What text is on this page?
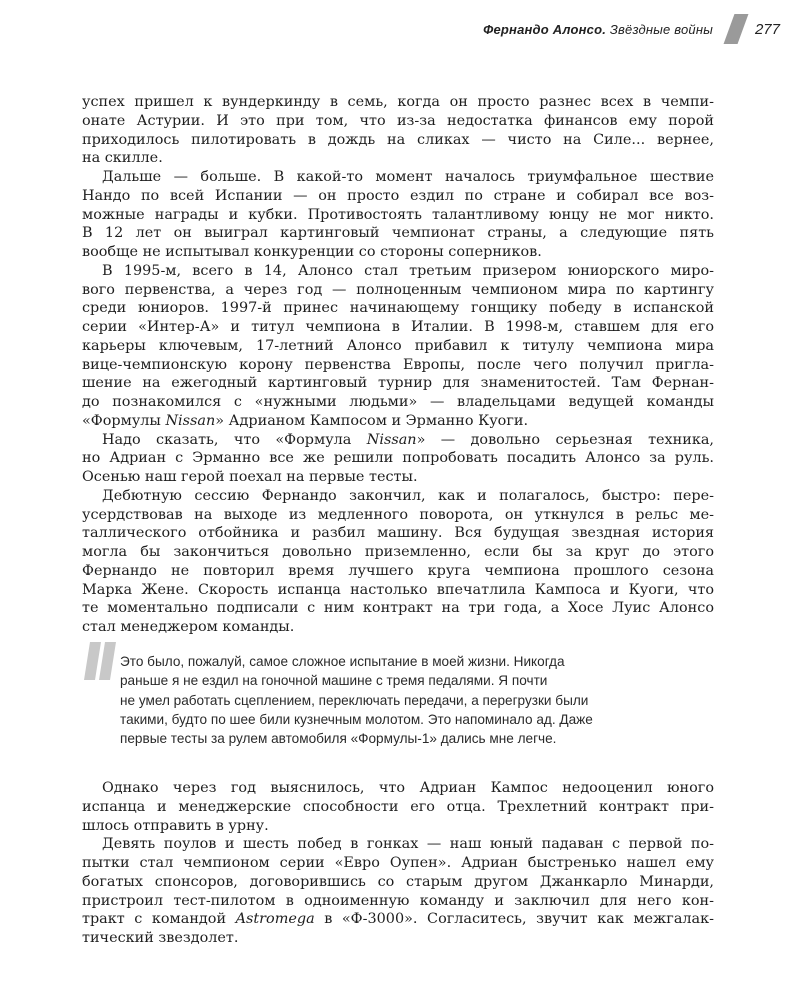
Фернандо Алонсо. Звёздные войны	277

успех пришел к вундеркинду в семь, когда он просто разнес всех в чемпи-
онате Астурии. И это при том, что из-за недостатка финансов ему порой
приходилось пилотировать в дождь на сликах — чисто на Силе... вернее,
на скилле.

Дальше — больше. В какой-то момент началось триумфальное шествие
Нандо по всей Испании — он просто ездил по стране и собирал все воз-
можные награды и кубки. Противостоять талантливому юнцу не мог никто.
В 12 лет он выиграл картинговый чемпионат страны, а следующие пять
вообще не испытывал конкуренции со стороны соперников.

В 1995-м, всего в 14, Алонсо стал третьим призером юниорского миро-
вого первенства, а через год — полноценным чемпионом мира по картингу
среди юниоров. 1997-й принес начинающему гонщику победу в испанской
серии «Интер-А» и титул чемпиона в Италии. В 1998-м, ставшем для его
карьеры ключевым, 17-летний Алонсо прибавил к титулу чемпиона мира
вице-чемпионскую корону первенства Европы, после чего получил пригла-
шение на ежегодный картинговый турнир для знаменитостей. Там Фернан-
до познакомился с «нужными людьми» — владельцами ведущей команды
«Формулы Nissan» Адрианом Кампосом и Эрманно Куоги.

Надо сказать, что «Формула Nissan» — довольно серьезная техника,
но Адриан с Эрманно все же решили попробовать посадить Алонсо за руль.
Осенью наш герой поехал на первые тесты.

Дебютную сессию Фернандо закончил, как и полагалось, быстро: пере-
усердствовав на выходе из медленного поворота, он уткнулся в рельс ме-
таллического отбойника и разбил машину. Вся будущая звездная история
могла бы закончиться довольно приземленно, если бы за круг до этого
Фернандо не повторил время лучшего круга чемпиона прошлого сезона
Марка Жене. Скорость испанца настолько впечатлила Кампоса и Куоги, что
те моментально подписали с ним контракт на три года, а Хосе Луис Алонсо
стал менеджером команды.

Это было, пожалуй, самое сложное испытание в моей жизни. Никогда
раньше я не ездил на гоночной машине с тремя педалями. Я почти
не умел работать сцеплением, переключать передачи, а перегрузки были
такими, будто по шее били кузнечным молотом. Это напоминало ад. Даже
первые тесты за рулем автомобиля «Формулы-1» дались мне легче.

Однако через год выяснилось, что Адриан Кампос недооценил юного
испанца и менеджерские способности его отца. Трехлетний контракт при-
шлось отправить в урну.

Девять поулов и шесть побед в гонках — наш юный падаван с первой по-
пытки стал чемпионом серии «Евро Оупен». Адриан быстренько нашел ему
богатых спонсоров, договорившись со старым другом Джанкарло Минарди,
пристроил тест-пилотом в одноименную команду и заключил для него кон-
тракт с командой Astromega в «Ф-3000». Согласитесь, звучит как межгалак-
тический звездолет.
